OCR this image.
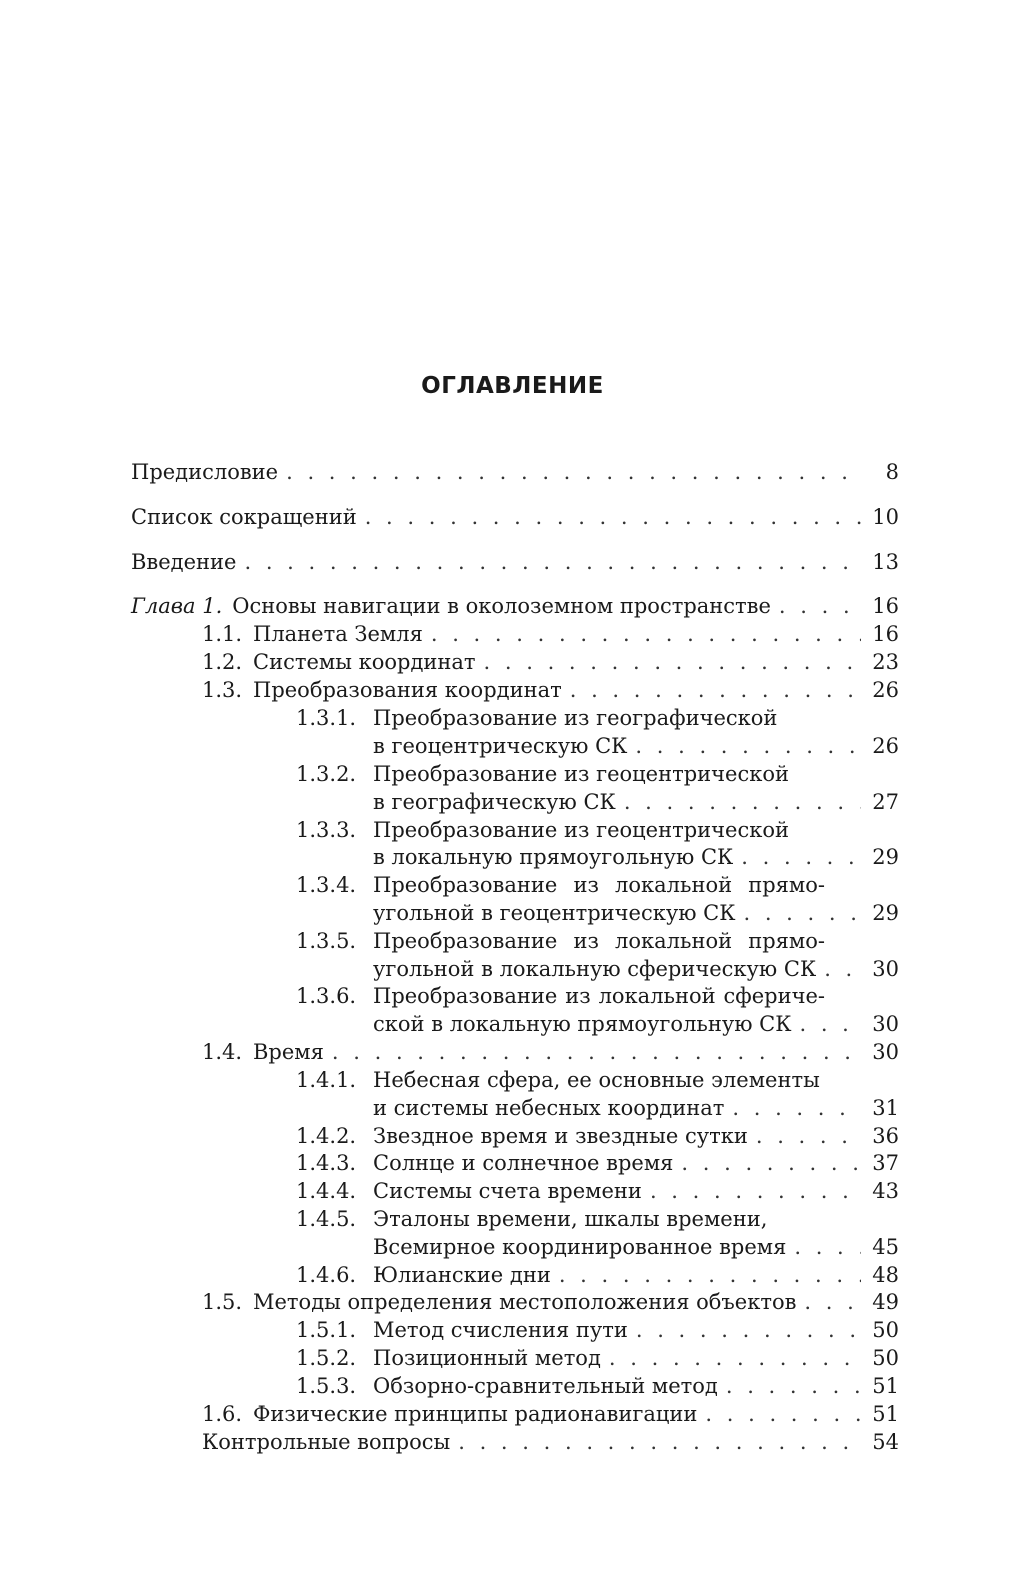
ОГЛАВЛЕНИЕ
Предисловие . . .	8
Список сокращений . . .	10
Введение . . .	13
Глава 1. Основы навигации в околоземном пространстве . . .	16
1.1. Планета Земля . . .	16
1.2. Системы координат . . .	23
1.3. Преобразования координат . . .	26
1.3.1. Преобразование из географической
в геоцентрическую СК . . .	26
1.3.2. Преобразование из геоцентрической
в географическую СК . . .	27
1.3.3. Преобразование из геоцентрической
в локальную прямоугольную СК . . .	29
1.3.4. Преобразование из локальной прямо-
угольной в геоцентрическую СК . . .	29
1.3.5. Преобразование из локальной прямо-
угольной в локальную сферическую СК . . .	30
1.3.6. Преобразование из локальной сфериче-
ской в локальную прямоугольную СК . . .	30
1.4. Время . . .	30
1.4.1. Небесная сфера, ее основные элементы
и системы небесных координат . . .	31
1.4.2. Звездное время и звездные сутки . . .	36
1.4.3. Солнце и солнечное время . . .	37
1.4.4. Системы счета времени . . .	43
1.4.5. Эталоны времени, шкалы времени,
Всемирное координированное время . . .	45
1.4.6. Юлианские дни . . .	48
1.5. Методы определения местоположения объектов . . .	49
1.5.1. Метод счисления пути . . .	50
1.5.2. Позиционный метод . . .	50
1.5.3. Обзорно-сравнительный метод . . .	51
1.6. Физические принципы радионавигации . . .	51
Контрольные вопросы . . .	54
